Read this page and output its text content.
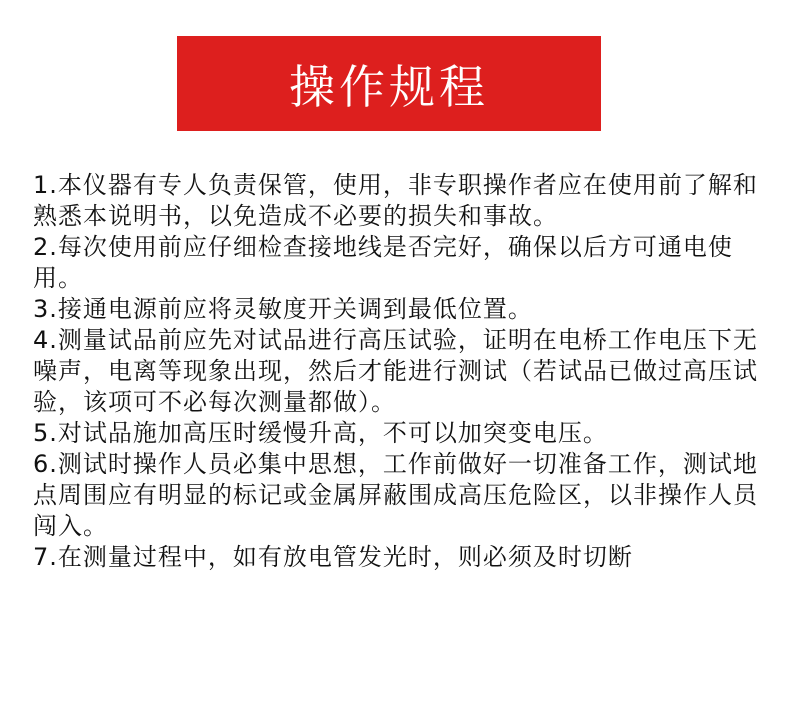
操作规程

1.本仪器有专人负责保管，使用，非专职操作者应在使用前了解和熟悉本说明书，以免造成不必要的损失和事故。

2.每次使用前应仔细检查接地线是否完好，确保以后方可通电使用。

3.接通电源前应将灵敏度开关调到最低位置。

4.测量试品前应先对试品进行高压试验，证明在电桥工作电压下无噪声，电离等现象出现，然后才能进行测试（若试品已做过高压试验，该项可不必每次测量都做）。

5.对试品施加高压时缓慢升高，不可以加突变电压。

6.测试时操作人员必集中思想，工作前做好一切准备工作，测试地点周围应有明显的标记或金属屏蔽围成高压危险区，以非操作人员闯入。

7.在测量过程中，如有放电管发光时，则必须及时切断
